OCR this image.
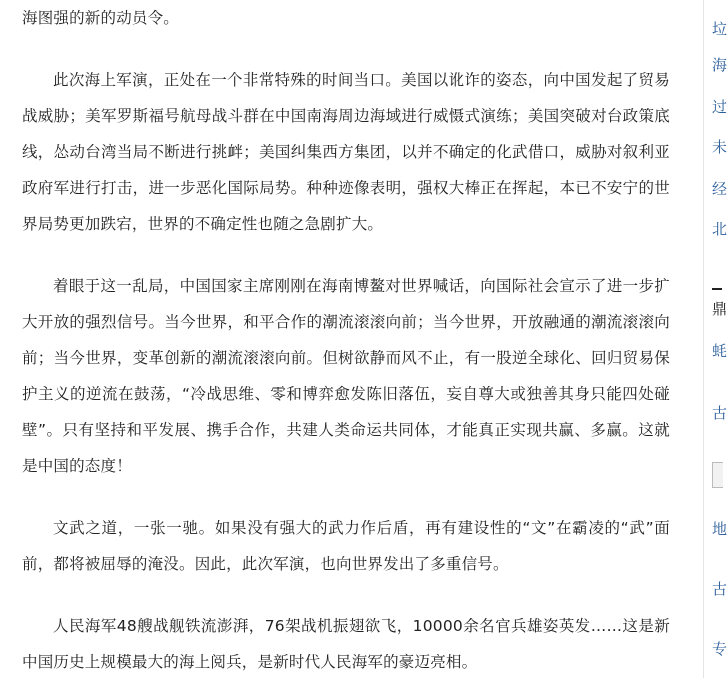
海图强的新的动员令。

此次海上军演，正处在一个非常特殊的时间当口。美国以讹诈的姿态，向中国发起了贸易战威胁；美军罗斯福号航母战斗群在中国南海周边海域进行威慑式演练；美国突破对台政策底线，怂动台湾当局不断进行挑衅；美国纠集西方集团，以并不确定的化武借口，威胁对叙利亚政府军进行打击，进一步恶化国际局势。种种迹像表明，强权大棒正在挥起，本已不安宁的世界局势更加跌宕，世界的不确定性也随之急剧扩大。

着眼于这一乱局，中国国家主席刚刚在海南博鳌对世界喊话，向国际社会宣示了进一步扩大开放的强烈信号。当今世界，和平合作的潮流滚滚向前；当今世界，开放融通的潮流滚滚向前；当今世界，变革创新的潮流滚滚向前。但树欲静而风不止，有一股逆全球化、回归贸易保护主义的逆流在鼓荡，“冷战思维、零和博弈愈发陈旧落伍，妄自尊大或独善其身只能四处碰壁”。只有坚持和平发展、携手合作，共建人类命运共同体，才能真正实现共赢、多赢。这就是中国的态度！

文武之道，一张一驰。如果没有强大的武力作后盾，再有建设性的“文”在霸凌的“武”面前，都将被屈辱的淹没。因此，此次军演，也向世界发出了多重信号。

人民海军48艘战舰铁流澎湃，76架战机振翅欲飞，10000余名官兵雄姿英发……这是新中国历史上规模最大的海上阅兵，是新时代人民海军的豪迈亮相。

垃
海
过
未
经
北
鼎
蚝
古
地
古
专
